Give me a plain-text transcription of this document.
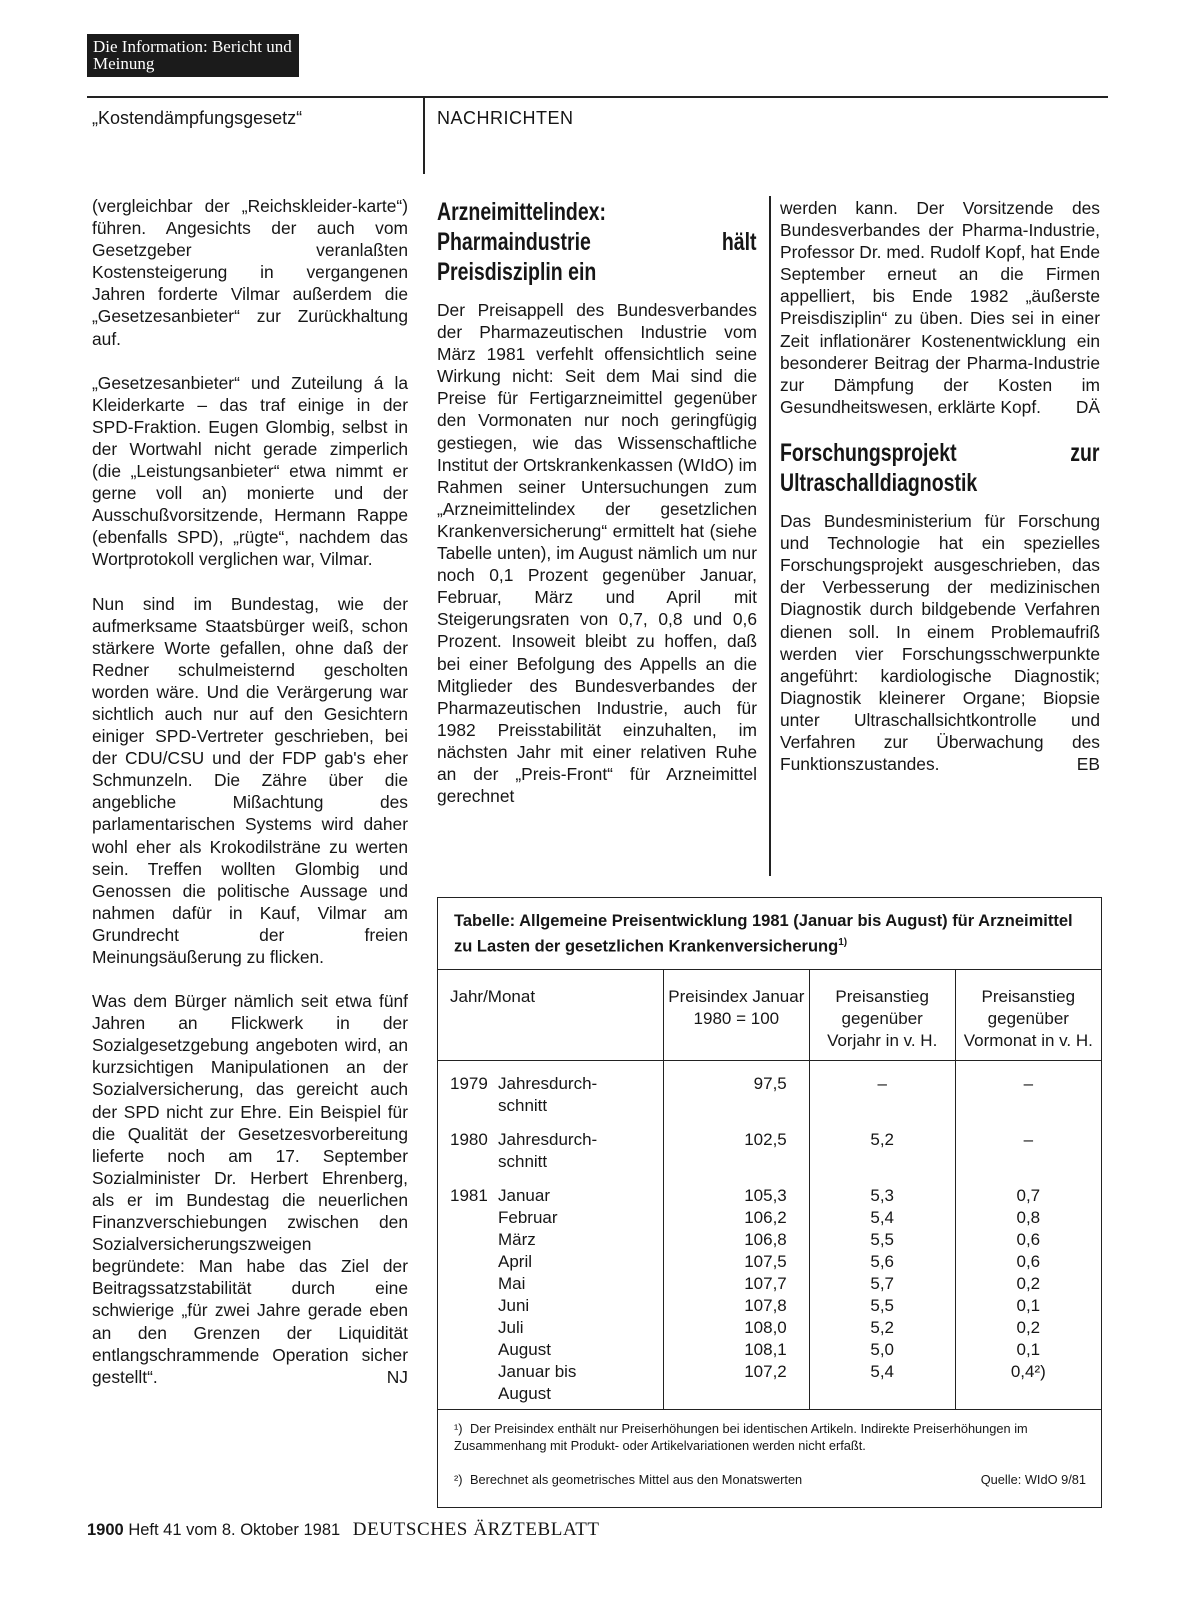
Die Information: Bericht und Meinung
„Kostendämpfungsgesetz“	NACHRICHTEN

(vergleichbar der „Reichskleider-karte“) führen. Angesichts der auch vom Gesetzgeber veranlaßten Kostensteigerung in vergangenen Jahren forderte Vilmar außerdem die „Gesetzesanbieter“ zur Zurückhaltung auf.

„Gesetzesanbieter“ und Zuteilung á la Kleiderkarte – das traf einige in der SPD-Fraktion. Eugen Glombig, selbst in der Wortwahl nicht gerade zimperlich (die „Leistungsanbieter“ etwa nimmt er gerne voll an) monierte und der Ausschußvorsitzende, Hermann Rappe (ebenfalls SPD), „rügte“, nachdem das Wortprotokoll verglichen war, Vilmar.

Nun sind im Bundestag, wie der aufmerksame Staatsbürger weiß, schon stärkere Worte gefallen, ohne daß der Redner schulmeisternd gescholten worden wäre. Und die Verärgerung war sichtlich auch nur auf den Gesichtern einiger SPD-Vertreter geschrieben, bei der CDU/CSU und der FDP gab's eher Schmunzeln. Die Zähre über die angebliche Mißachtung des parlamentarischen Systems wird daher wohl eher als Krokodilsträne zu werten sein. Treffen wollten Glombig und Genossen die politische Aussage und nahmen dafür in Kauf, Vilmar am Grundrecht der freien Meinungsäußerung zu flicken.

Was dem Bürger nämlich seit etwa fünf Jahren an Flickwerk in der Sozialgesetzgebung angeboten wird, an kurzsichtigen Manipulationen an der Sozialversicherung, das gereicht auch der SPD nicht zur Ehre. Ein Beispiel für die Qualität der Gesetzesvorbereitung lieferte noch am 17. September Sozialminister Dr. Herbert Ehrenberg, als er im Bundestag die neuerlichen Finanzverschiebungen zwischen den Sozialversicherungszweigen begründete: Man habe das Ziel der Beitragssatzstabilität durch eine schwierige „für zwei Jahre gerade eben an den Grenzen der Liquidität entlangschrammende Operation sicher gestellt“.	NJ
Arzneimittelindex: Pharmaindustrie hält Preisdisziplin ein

Der Preisappell des Bundesverbandes der Pharmazeutischen Industrie vom März 1981 verfehlt offensichtlich seine Wirkung nicht: Seit dem Mai sind die Preise für Fertigarzneimittel gegenüber den Vormonaten nur noch geringfügig gestiegen, wie das Wissenschaftliche Institut der Ortskrankenkassen (WIdO) im Rahmen seiner Untersuchungen zum „Arzneimittelindex der gesetzlichen Krankenversicherung“ ermittelt hat (siehe Tabelle unten), im August nämlich um nur noch 0,1 Prozent gegenüber Januar, Februar, März und April mit Steigerungsraten von 0,7, 0,8 und 0,6 Prozent. Insoweit bleibt zu hoffen, daß bei einer Befolgung des Appells an die Mitglieder des Bundesverbandes der Pharmazeutischen Industrie, auch für 1982 Preisstabilität einzuhalten, im nächsten Jahr mit einer relativen Ruhe an der „Preis-Front“ für Arzneimittel gerechnet

werden kann. Der Vorsitzende des Bundesverbandes der Pharma-Industrie, Professor Dr. med. Rudolf Kopf, hat Ende September erneut an die Firmen appelliert, bis Ende 1982 „äußerste Preisdisziplin“ zu üben. Dies sei in einer Zeit inflationärer Kostenentwicklung ein besonderer Beitrag der Pharma-Industrie zur Dämpfung der Kosten im Gesundheitswesen, erklärte Kopf.	DÄ
Forschungsprojekt zur Ultraschalldiagnostik

Das Bundesministerium für Forschung und Technologie hat ein spezielles Forschungsprojekt ausgeschrieben, das der Verbesserung der medizinischen Diagnostik durch bildgebende Verfahren dienen soll. In einem Problemaufriß werden vier Forschungsschwerpunkte angeführt: kardiologische Diagnostik; Diagnostik kleinerer Organe; Biopsie unter Ultraschallsichtkontrolle und Verfahren zur Überwachung des Funktionszustandes.	EB
Tabelle: Allgemeine Preisentwicklung 1981 (Januar bis August) für Arzneimittel zu Lasten der gesetzlichen Krankenversicherung$^{1)}$
Jahr/Monat	Preisindex Januar 1980 = 100	Preisanstieg gegenüber Vorjahr in v. H.	Preisanstieg gegenüber Vormonat in v. H.
1979 Jahresdurch-schnitt	97,5	–	–
1980 Jahresdurch-schnitt	102,5	5,2	–
1981 Januar	105,3	5,3	0,7
Februar	106,2	5,4	0,8
März	106,8	5,5	0,6
April	107,5	5,6	0,6
Mai	107,7	5,7	0,2
Juni	107,8	5,5	0,1
Juli	108,0	5,2	0,2
August	108,1	5,0	0,1
Januar bis August	107,2	5,4	0,4²)
¹) Der Preisindex enthält nur Preiserhöhungen bei identischen Artikeln. Indirekte Preiserhöhungen im Zusammenhang mit Produkt- oder Artikelvariationen werden nicht erfaßt.
²) Berechnet als geometrisches Mittel aus den Monatswerten	Quelle: WIdO 9/81
1900 Heft 41 vom 8. Oktober 1981 DEUTSCHES ÄRZTEBLATT
